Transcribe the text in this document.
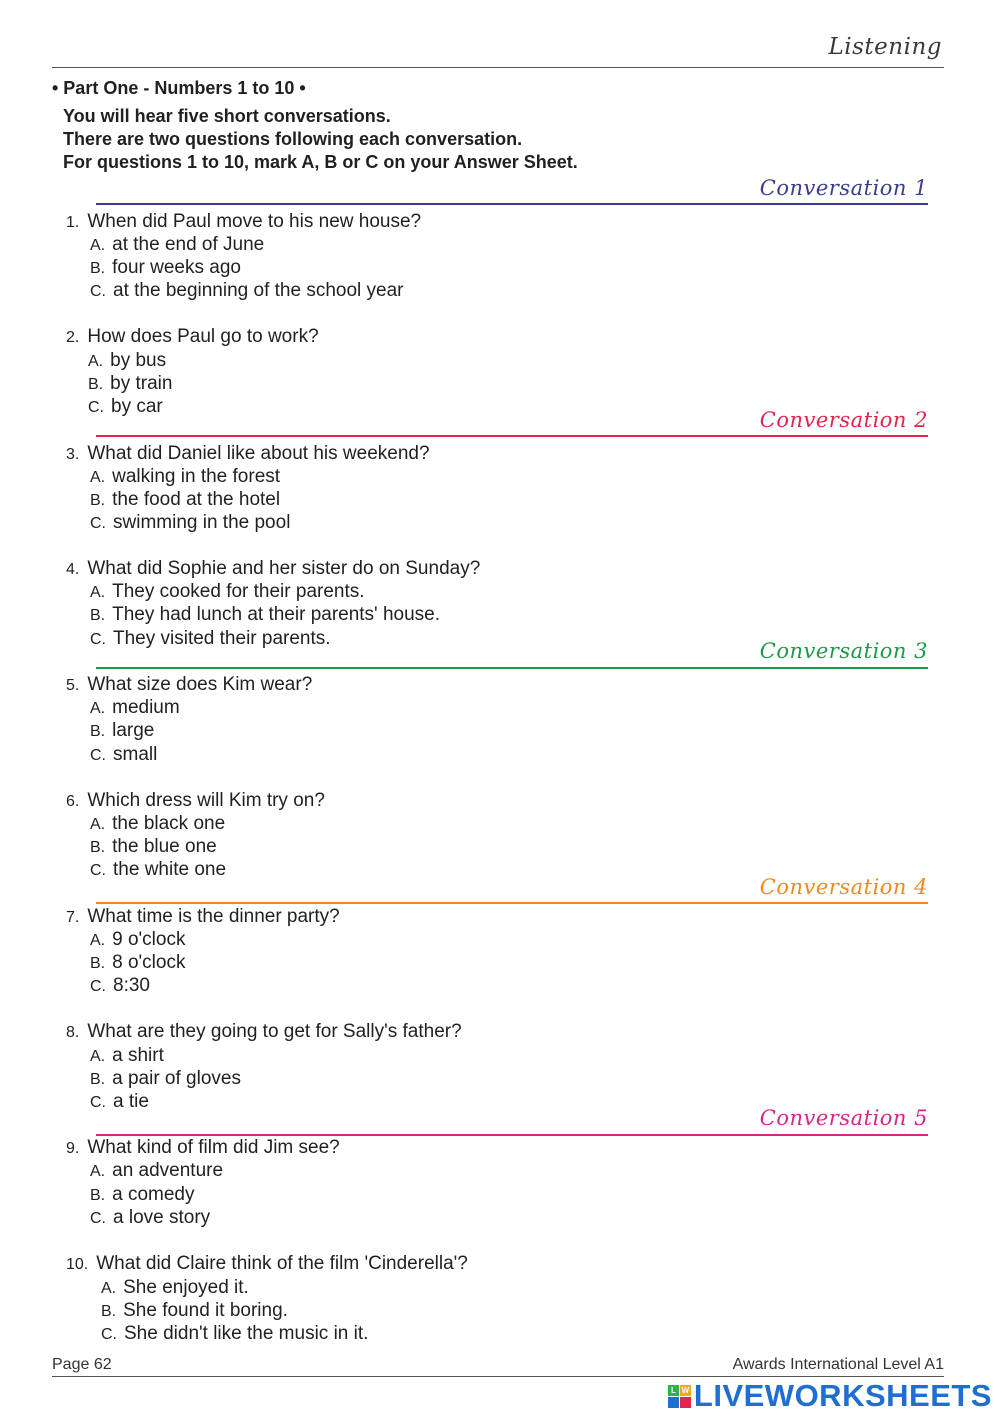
Listening
• Part One - Numbers 1 to 10 •
You will hear five short conversations.
There are two questions following each conversation.
For questions 1 to 10, mark A, B or C on your Answer Sheet.
Conversation 1
Conversation 2
Conversation 3
Conversation 4
Conversation 5
1. When did Paul move to his new house?
A. at the end of June
B. four weeks ago
C. at the beginning of the school year
2. How does Paul go to work?
A. by bus
B. by train
C. by car
3. What did Daniel like about his weekend?
A. walking in the forest
B. the food at the hotel
C. swimming in the pool
4. What did Sophie and her sister do on Sunday?
A. They cooked for their parents.
B. They had lunch at their parents' house.
C. They visited their parents.
5. What size does Kim wear?
A. medium
B. large
C. small
6. Which dress will Kim try on?
A. the black one
B. the blue one
C. the white one
7. What time is the dinner party?
A. 9 o'clock
B. 8 o'clock
C. 8:30
8. What are they going to get for Sally's father?
A. a shirt
B. a pair of gloves
C. a tie
9. What kind of film did Jim see?
A. an adventure
B. a comedy
C. a love story
10. What did Claire think of the film 'Cinderella'?
A. She enjoyed it.
B. She found it boring.
C. She didn't like the music in it.
Page 62	Awards International Level A1
L W LIVEWORKSHEETS
